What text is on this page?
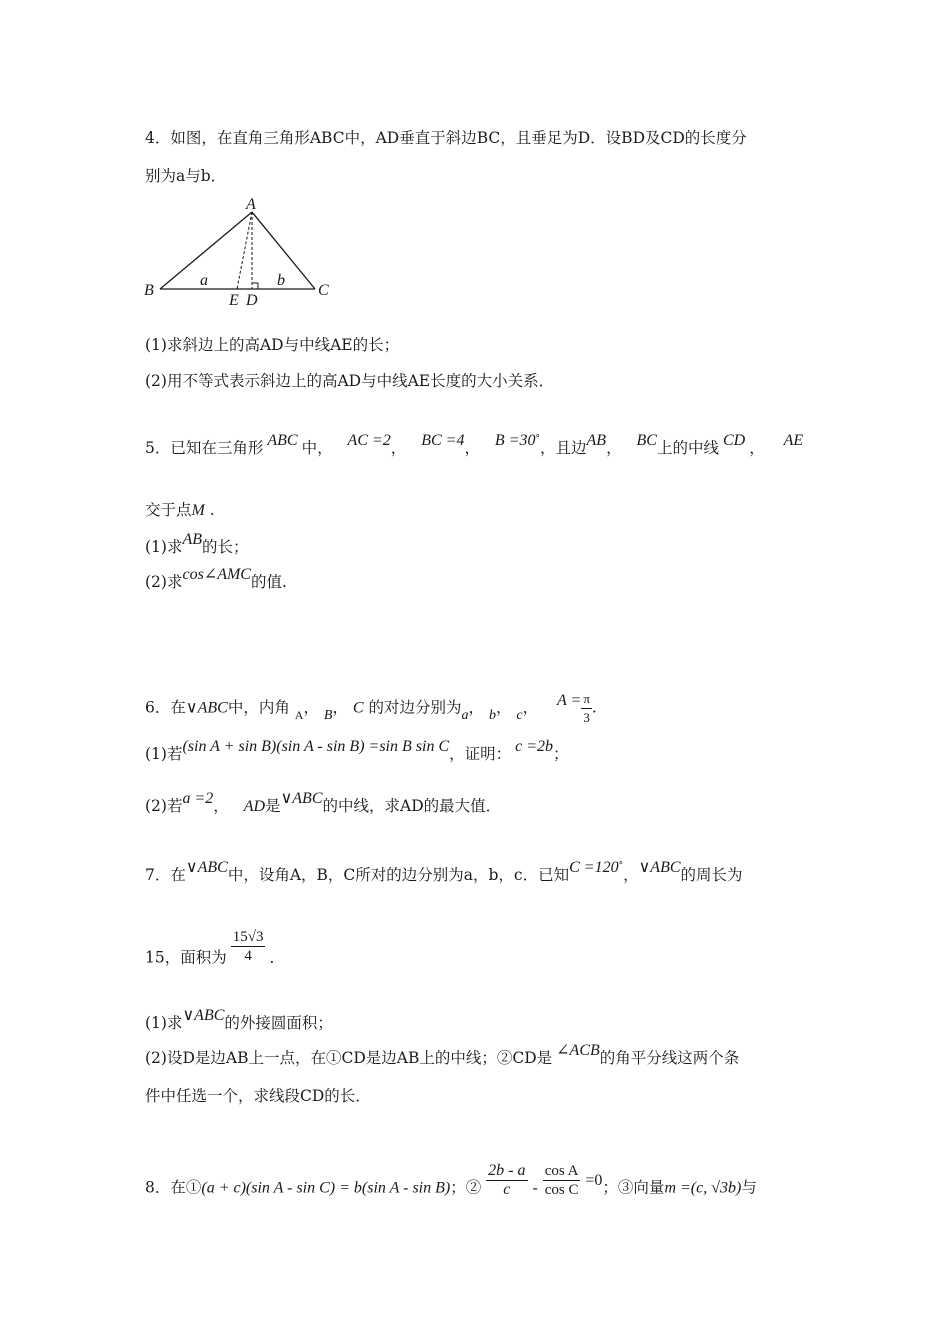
4．如图，在直角三角形ABC中，AD垂直于斜边BC，且垂足为D．设BD及CD的长度分
别为a与b．
A
B	C
E D
a	b
(1)求斜边上的高AD与中线AE的长；
(2)用不等式表示斜边上的高AD与中线AE长度的大小关系．
5．已知在三角形 ABC 中， AC =2， BC =4， B =30°，且边AB， BC上的中线 CD ， AE
交于点M .
(1)求AB的长；
(2)求cos∠AMC的值.
6．在∨ABC中，内角 $_A$， B， C 的对边分别为a， b， c， $A = \frac{\pi}{3}$ .
(1)若(sin A + sin B)(sin A - sin B) =sin B sin C，证明： c =2b；
(2)若a =2， AD是∨ABC的中线，求AD的最大值．
7．在∨ABC中，设角A，B，C所对的边分别为a，b，c．已知C =120°，∨ABC的周长为
15，面积为 $\frac{15√3}{4}$ ．
(1)求∨ABC的外接圆面积；
(2)设D是边AB上一点，在①CD是边AB上的中线；②CD是 ∠ACB的角平分线这两个条
件中任选一个，求线段CD的长．
8．在①(a + c)(sin A - sin C) = b(sin A - sin B)；② $\frac{2b - a}{c} - \frac{\text{cos A}}{\text{cos C}} =0$；③向量m =(c, √3b)与
